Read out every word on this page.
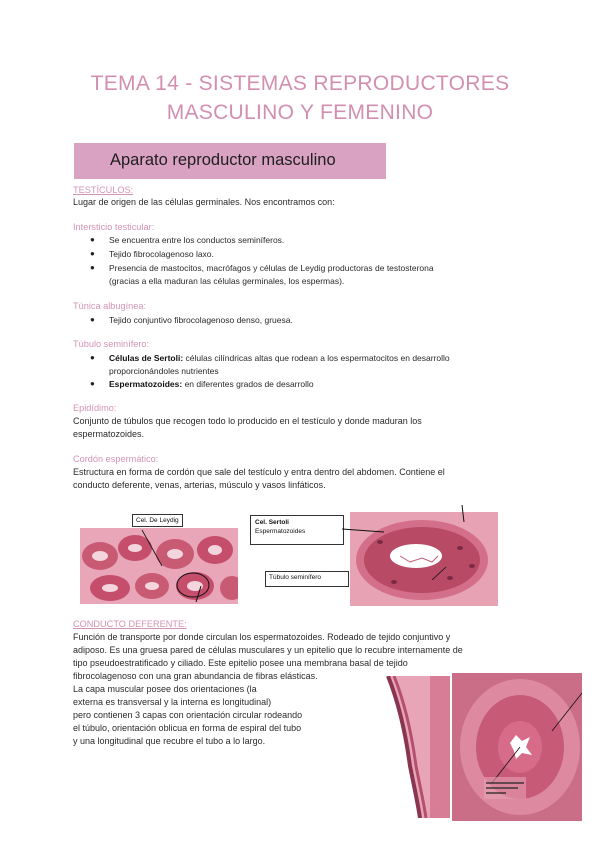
TEMA 14 - SISTEMAS REPRODUCTORES
MASCULINO Y FEMENINO
Aparato reproductor masculino
TESTÍCULOS:
Lugar de origen de las células germinales. Nos encontramos con:
Intersticio testicular:
● Se encuentra entre los conductos seminíferos.
● Tejido fibrocolagenoso laxo.
● Presencia de mastocitos, macrófagos y células de Leydig productoras de testosterona
(gracias a ella maduran las células germinales, los espermas).
Túnica albugínea:
● Tejido conjuntivo fibrocolagenoso denso, gruesa.
Túbulo seminífero:
● Células de Sertoli: células cilíndricas altas que rodean a los espermatocitos en desarrollo
proporcionándoles nutrientes
● Espermatozoides: en diferentes grados de desarrollo
Epidídimo:
Conjunto de túbulos que recogen todo lo producido en el testículo y donde maduran los
espermatozoides.
Cordón espermático:
Estructura en forma de cordón que sale del testículo y entra dentro del abdomen. Contiene el
conducto deferente, venas, arterias, músculo y vasos linfáticos.
Cel. De Leydig	Cel. Sertoli
Espermatozoides
Túbulo seminífero
CONDUCTO DEFERENTE:
Función de transporte por donde circulan los espermatozoides. Rodeado de tejido conjuntivo y
adiposo. Es una gruesa pared de células musculares y un epitelio que lo recubre internamente de
tipo pseudoestratificado y ciliado. Este epitelio posee una membrana basal de tejido
fibrocolagenoso con una gran abundancia de fibras elásticas.
La capa muscular posee dos orientaciones (la
externa es transversal y la interna es longitudinal)
pero contienen 3 capas con orientación circular rodeando
el túbulo, orientación oblicua en forma de espiral del tubo
y una longitudinal que recubre el tubo a lo largo.
